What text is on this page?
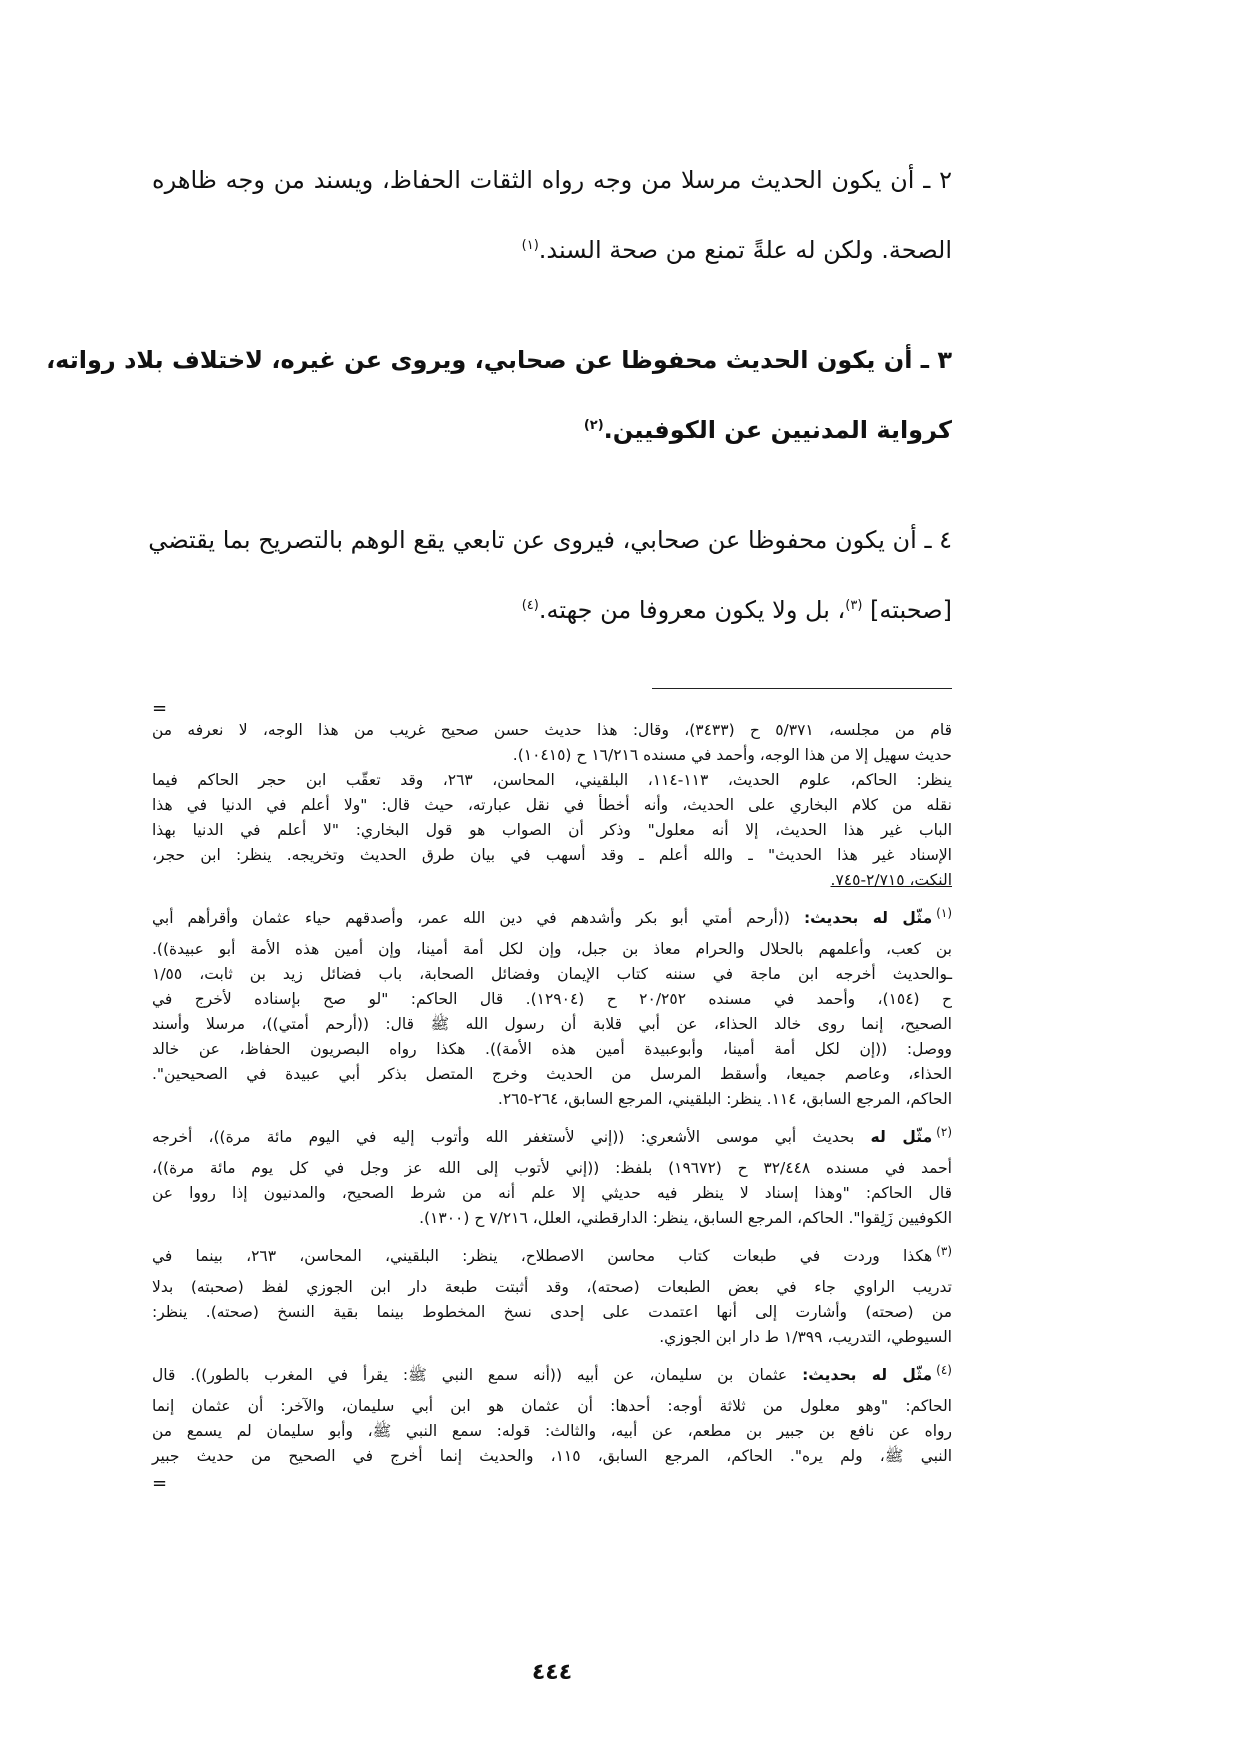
٢ ـ أن يكون الحديث مرسلا من وجه رواه الثقات الحفاظ، ويسند من وجه ظاهره
الصحة. ولكن له علةً تمنع من صحة السند.$^{(١)}$
٣ ـ أن يكون الحديث محفوظا عن صحابي، ويروى عن غيره، لاختلاف بلاد رواته،
كرواية المدنيين عن الكوفيين.$^{(٢)}$
٤ ـ أن يكون محفوظا عن صحابي، فيروى عن تابعي يقع الوهم بالتصريح بما يقتضي
[صحبته] $^{(٣)}$، بل ولا يكون معروفا من جهته.$^{(٤)}$
=
قام من مجلسه، ٥/٣٧١ ح (٣٤٣٣)، وقال: هذا حديث حسن صحيح غريب من هذا الوجه، لا نعرفه من
حديث سهيل إلا من هذا الوجه، وأحمد في مسنده ١٦/٢١٦ ح (١٠٤١٥).
ينظر: الحاكم، علوم الحديث، ١١٣-١١٤، البلقيني، المحاسن، ٢٦٣، وقد تعقّب ابن حجر الحاكم فيما
نقله من كلام البخاري على الحديث، وأنه أخطأ في نقل عبارته، حيث قال: "ولا أعلم في الدنيا في هذا
الباب غير هذا الحديث، إلا أنه معلول" وذكر أن الصواب هو قول البخاري: "لا أعلم في الدنيا بهذا
الإسناد غير هذا الحديث" ـ والله أعلم ـ وقد أسهب في بيان طرق الحديث وتخريجه. ينظر: ابن حجر،
النكت، ٢/٧١٥-٧٤٥.
$^{(١)}$مثّل له بحديث: ((أرحم أمتي أبو بكر وأشدهم في دين الله عمر، وأصدقهم حياء عثمان وأقرأهم أبي
بن كعب، وأعلمهم بالحلال والحرام معاذ بن جبل، وإن لكل أمة أمينا، وإن أمين هذه الأمة أبو عبيدة)).
ـوالحديث أخرجه ابن ماجة في سننه كتاب الإيمان وفضائل الصحابة، باب فضائل زيد بن ثابت، ١/٥٥
ح (١٥٤)، وأحمد في مسنده ٢٠/٢٥٢ ح (١٢٩٠٤). قال الحاكم: "لو صح بإسناده لأخرج في
الصحيح، إنما روى خالد الحذاء، عن أبي قلابة أن رسول الله ﷺ قال: ((أرحم أمتي))، مرسلا وأسند
ووصل: ((إن لكل أمة أمينا، وأبوعبيدة أمين هذه الأمة)). هكذا رواه البصريون الحفاظ، عن خالد
الحذاء، وعاصم جميعا، وأسقط المرسل من الحديث وخرج المتصل بذكر أبي عبيدة في الصحيحين".
الحاكم، المرجع السابق، ١١٤. ينظر: البلقيني، المرجع السابق، ٢٦٤-٢٦٥.
$^{(٢)}$مثّل له بحديث أبي موسى الأشعري: ((إني لأستغفر الله وأتوب إليه في اليوم مائة مرة))، أخرجه
أحمد في مسنده ٣٢/٤٤٨ ح (١٩٦٧٢) بلفظ: ((إني لأتوب إلى الله عز وجل في كل يوم مائة مرة))،
قال الحاكم: "وهذا إسناد لا ينظر فيه حديثي إلا علم أنه من شرط الصحيح، والمدنيون إذا رووا عن
الكوفيين زَلِقوا". الحاكم، المرجع السابق، ينظر: الدارقطني، العلل، ٧/٢١٦ ح (١٣٠٠).
$^{(٣)}$هكذا وردت في طبعات كتاب محاسن الاصطلاح، ينظر: البلقيني، المحاسن، ٢٦٣، بينما في
تدريب الراوي جاء في بعض الطبعات (صحته)، وقد أثبتت طبعة دار ابن الجوزي لفظ (صحبته) بدلا
من (صحته) وأشارت إلى أنها اعتمدت على إحدى نسخ المخطوط بينما بقية النسخ (صحته). ينظر:
السيوطي، التدريب، ١/٣٩٩ ط دار ابن الجوزي.
$^{(٤)}$مثّل له بحديث: عثمان بن سليمان، عن أبيه ((أنه سمع النبي ﷺ: يقرأ في المغرب بالطور)). قال
الحاكم: "وهو معلول من ثلاثة أوجه: أحدها: أن عثمان هو ابن أبي سليمان، والآخر: أن عثمان إنما
رواه عن نافع بن جبير بن مطعم، عن أبيه، والثالث: قوله: سمع النبي ﷺ، وأبو سليمان لم يسمع من
النبي ﷺ، ولم يره". الحاكم، المرجع السابق، ١١٥، والحديث إنما أخرج في الصحيح من حديث جبير
=
٤٤٤
